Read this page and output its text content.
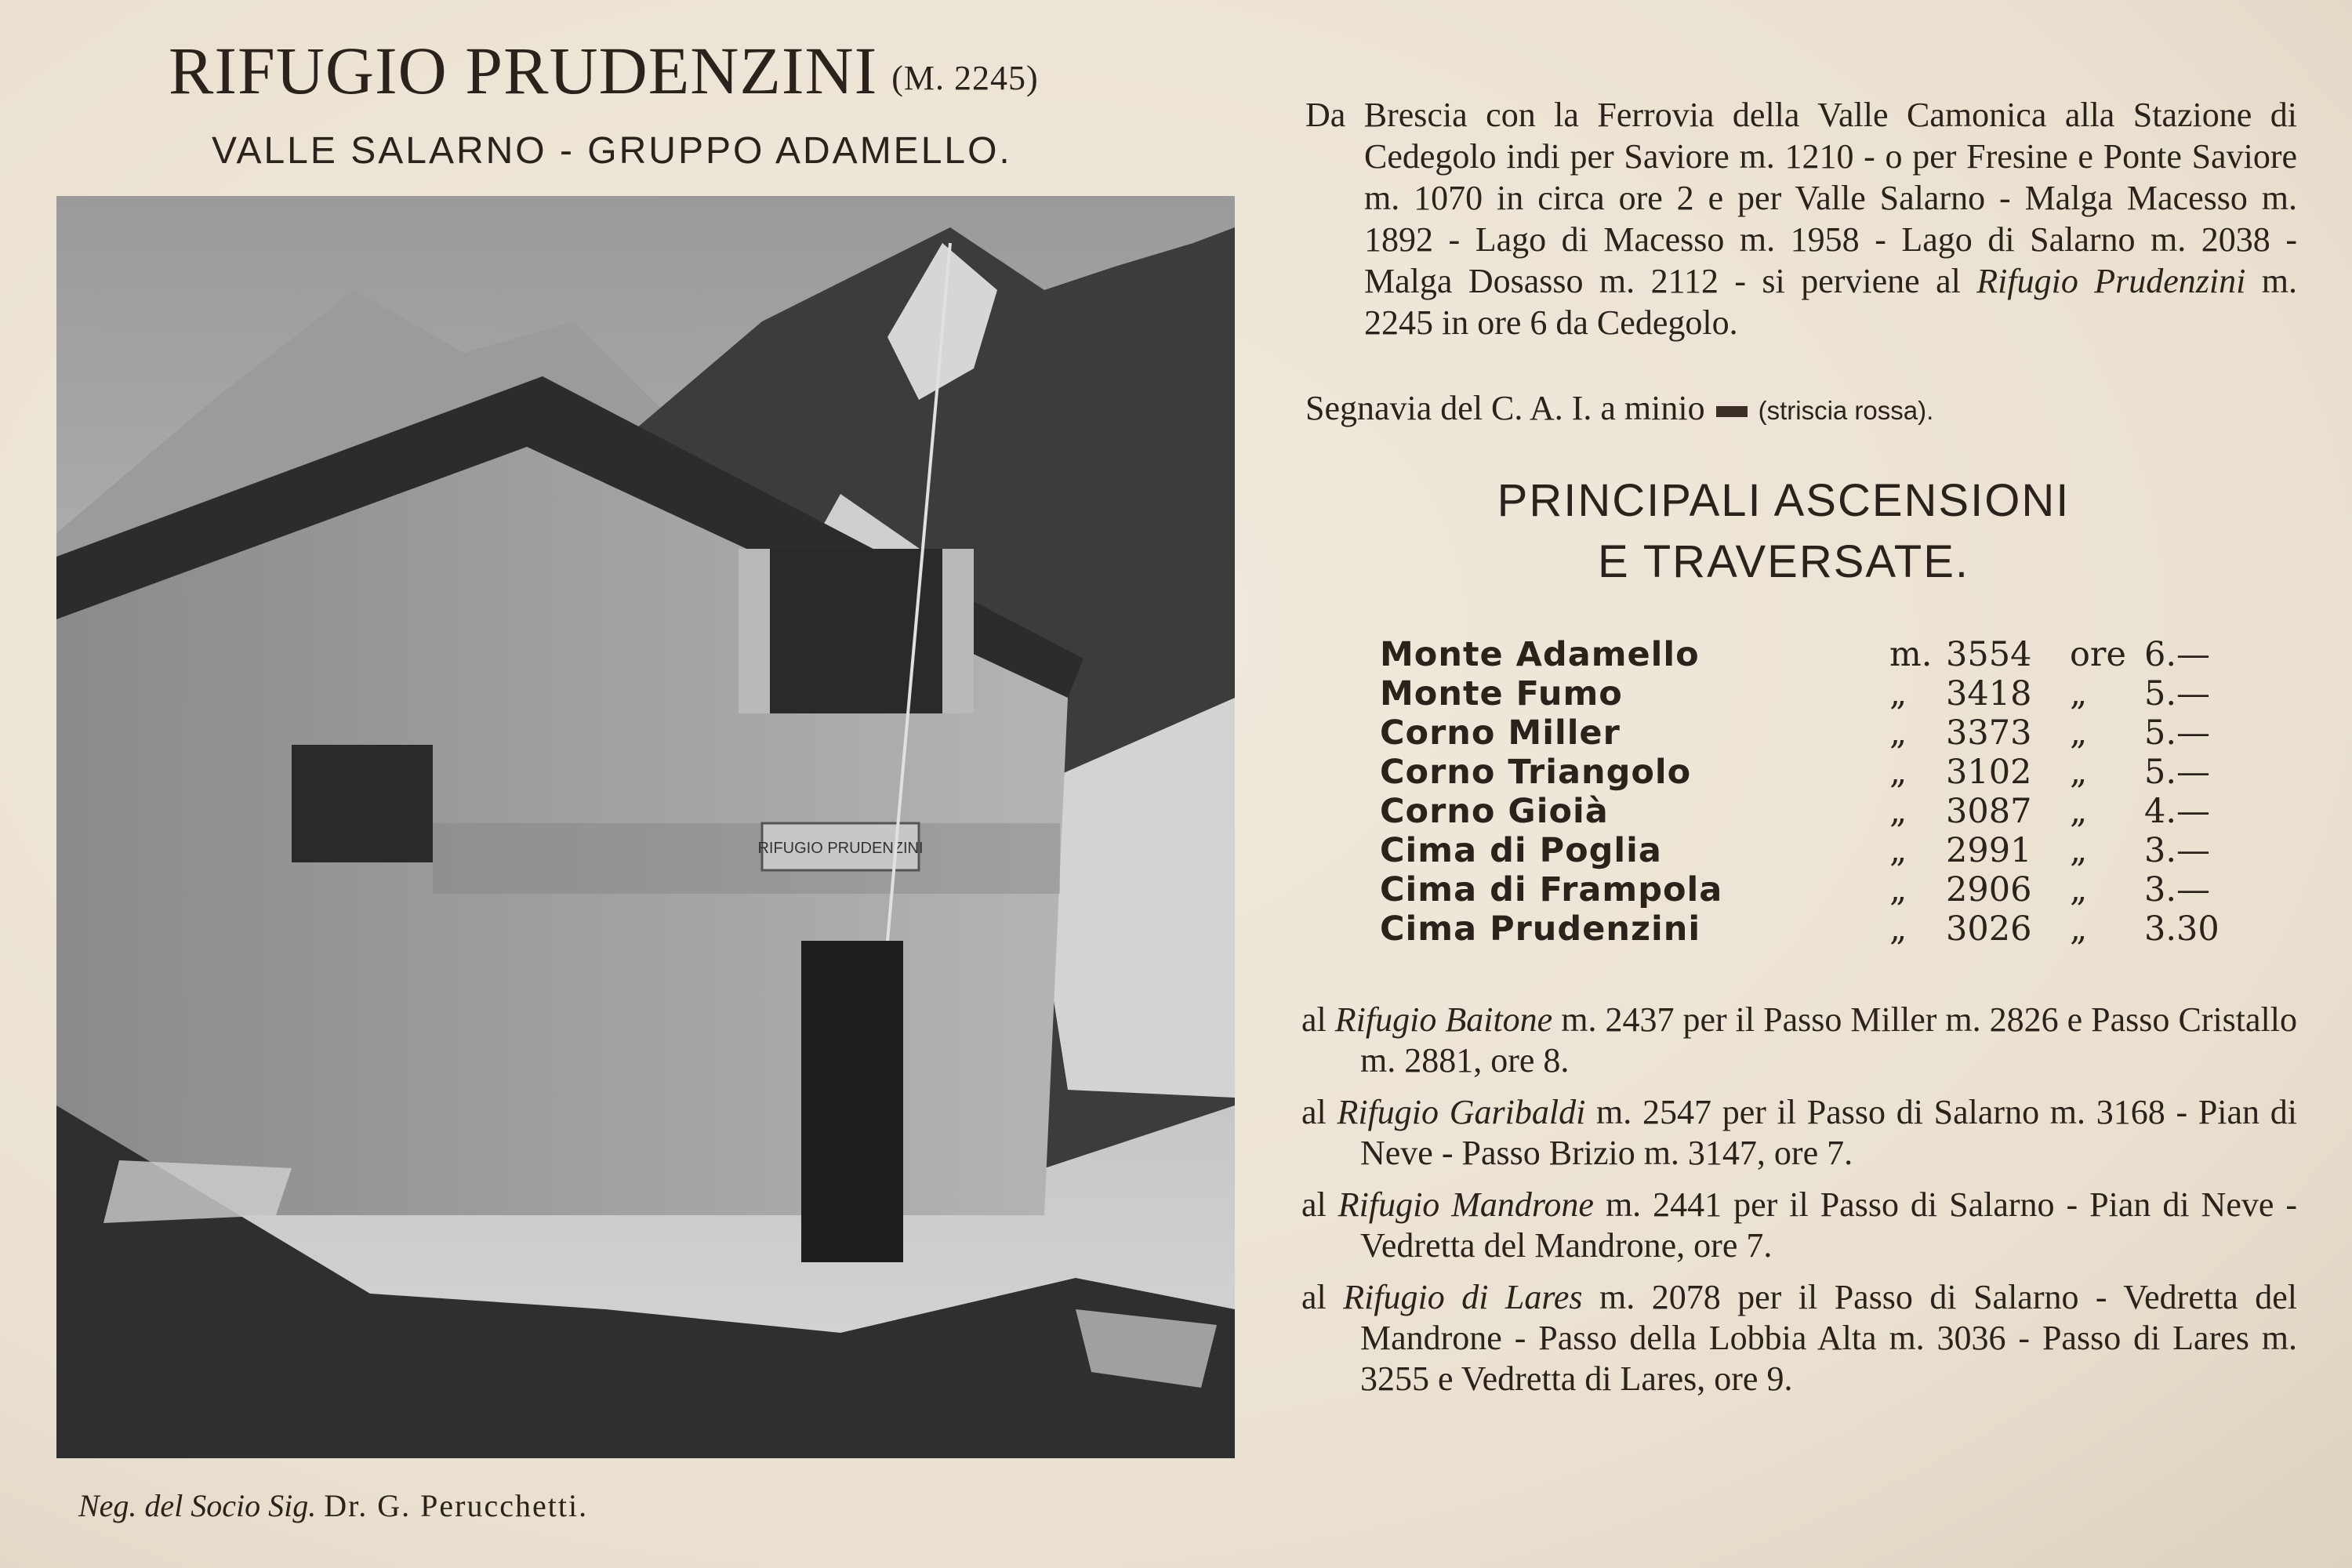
RIFUGIO PRUDENZINI (M. 2245)
VALLE SALARNO - GRUPPO ADAMELLO.
RIFUGIO PRUDENZINI
Neg. del Socio Sig. Dr. G. Perucchetti.
Da Brescia con la Ferrovia della Valle Camonica alla Stazione di Cedegolo indi per Saviore m. 1210 - o per Fresine e Ponte Saviore m. 1070 in circa ore 2 e per Valle Salarno - Malga Macesso m. 1892 - Lago di Macesso m. 1958 - Lago di Salarno m. 2038 - Malga Dosasso m. 2112 - si perviene al Rifugio Prudenzini m. 2245 in ore 6 da Cedegolo.
Segnavia del C. A. I. a minio (striscia rossa).
PRINCIPALI ASCENSIONI
E TRAVERSATE.
Monte Adamello	m. 3554 ore 6.—
Monte Fumo	„ 3418 „ 5.—
Corno Miller	„ 3373 „ 5.—
Corno Triangolo	„ 3102 „ 5.—
Corno Gioià	„ 3087 „ 4.—
Cima di Poglia	„ 2991 „ 3.—
Cima di Frampola	„ 2906 „ 3.—
Cima Prudenzini	„ 3026 „ 3.30
al Rifugio Baitone m. 2437 per il Passo Miller m. 2826 e Passo Cristallo m. 2881, ore 8.
al Rifugio Garibaldi m. 2547 per il Passo di Salarno m. 3168 - Pian di Neve - Passo Brizio m. 3147, ore 7.
al Rifugio Mandrone m. 2441 per il Passo di Salarno - Pian di Neve - Vedretta del Mandrone, ore 7.
al Rifugio di Lares m. 2078 per il Passo di Salarno - Vedretta del Mandrone - Passo della Lobbia Alta m. 3036 - Passo di Lares m. 3255 e Vedretta di Lares, ore 9.
